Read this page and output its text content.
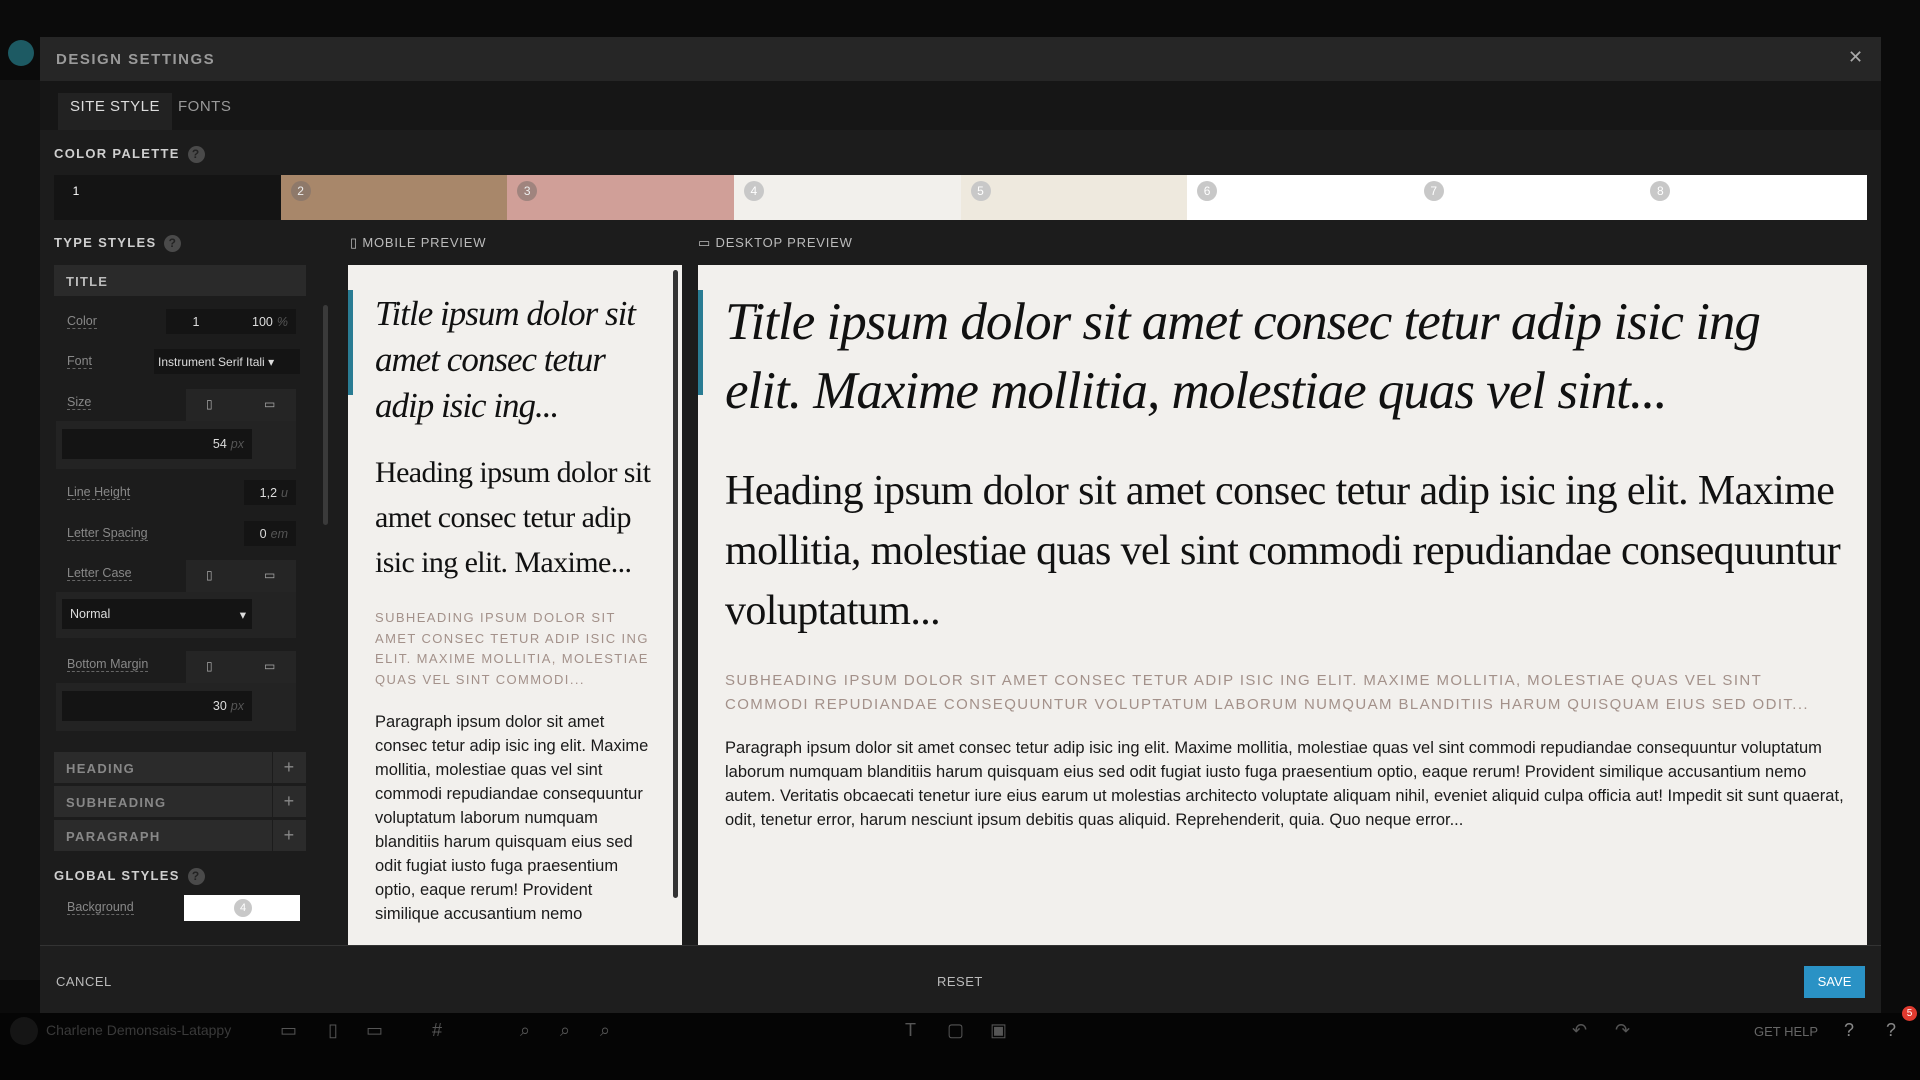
DESIGN SETTINGS	✕
SITE STYLE	FONTS
COLOR PALETTE ?
1	2	3	4	5	6	7	8
TYPE STYLES ?
TITLE
Color	1	100 %
Font	Instrument Serif Itali ▾
Size	▯	▭
54 px
Line Height	1,2 u
Letter Spacing	0 em
Letter Case	▯	▭
Normal	▾
Bottom Margin	▯	▭
30 px
HEADING	+
SUBHEADING	+
PARAGRAPH	+
GLOBAL STYLES ?
Background	4
▯ MOBILE PREVIEW
Title ipsum dolor sit amet consec tetur adip isic ing...
Heading ipsum dolor sit amet consec tetur adip isic ing elit. Maxime...
SUBHEADING IPSUM DOLOR SIT AMET CONSEC TETUR ADIP ISIC ING ELIT. MAXIME MOLLITIA, MOLESTIAE QUAS VEL SINT COMMODI...
Paragraph ipsum dolor sit amet consec tetur adip isic ing elit. Maxime mollitia, molestiae quas vel sint commodi repudiandae consequuntur voluptatum laborum numquam blanditiis harum quisquam eius sed odit fugiat iusto fuga praesentium optio, eaque rerum! Provident similique accusantium nemo
▭ DESKTOP PREVIEW
Title ipsum dolor sit amet consec tetur adip isic ing elit. Maxime mollitia, molestiae quas vel sint...
Heading ipsum dolor sit amet consec tetur adip isic ing elit. Maxime mollitia, molestiae quas vel sint commodi repudiandae consequuntur voluptatum...
SUBHEADING IPSUM DOLOR SIT AMET CONSEC TETUR ADIP ISIC ING ELIT. MAXIME MOLLITIA, MOLESTIAE QUAS VEL SINT COMMODI REPUDIANDAE CONSEQUUNTUR VOLUPTATUM LABORUM NUMQUAM BLANDITIIS HARUM QUISQUAM EIUS SED ODIT...
Paragraph ipsum dolor sit amet consec tetur adip isic ing elit. Maxime mollitia, molestiae quas vel sint commodi repudiandae consequuntur voluptatum laborum numquam blanditiis harum quisquam eius sed odit fugiat iusto fuga praesentium optio, eaque rerum! Provident similique accusantium nemo autem. Veritatis obcaecati tenetur iure eius earum ut molestias architecto voluptate aliquam nihil, eveniet aliquid culpa officia aut! Impedit sit sunt quaerat, odit, tenetur error, harum nesciunt ipsum debitis quas aliquid. Reprehenderit, quia. Quo neque error...
CANCEL	RESET	SAVE
Charlene Demonsais-Latappy	▭ ▯ ▭	#	⌕ ⌕ ⌕	T ▢ ▣	↶ ↷	GET HELP ? ?
5
